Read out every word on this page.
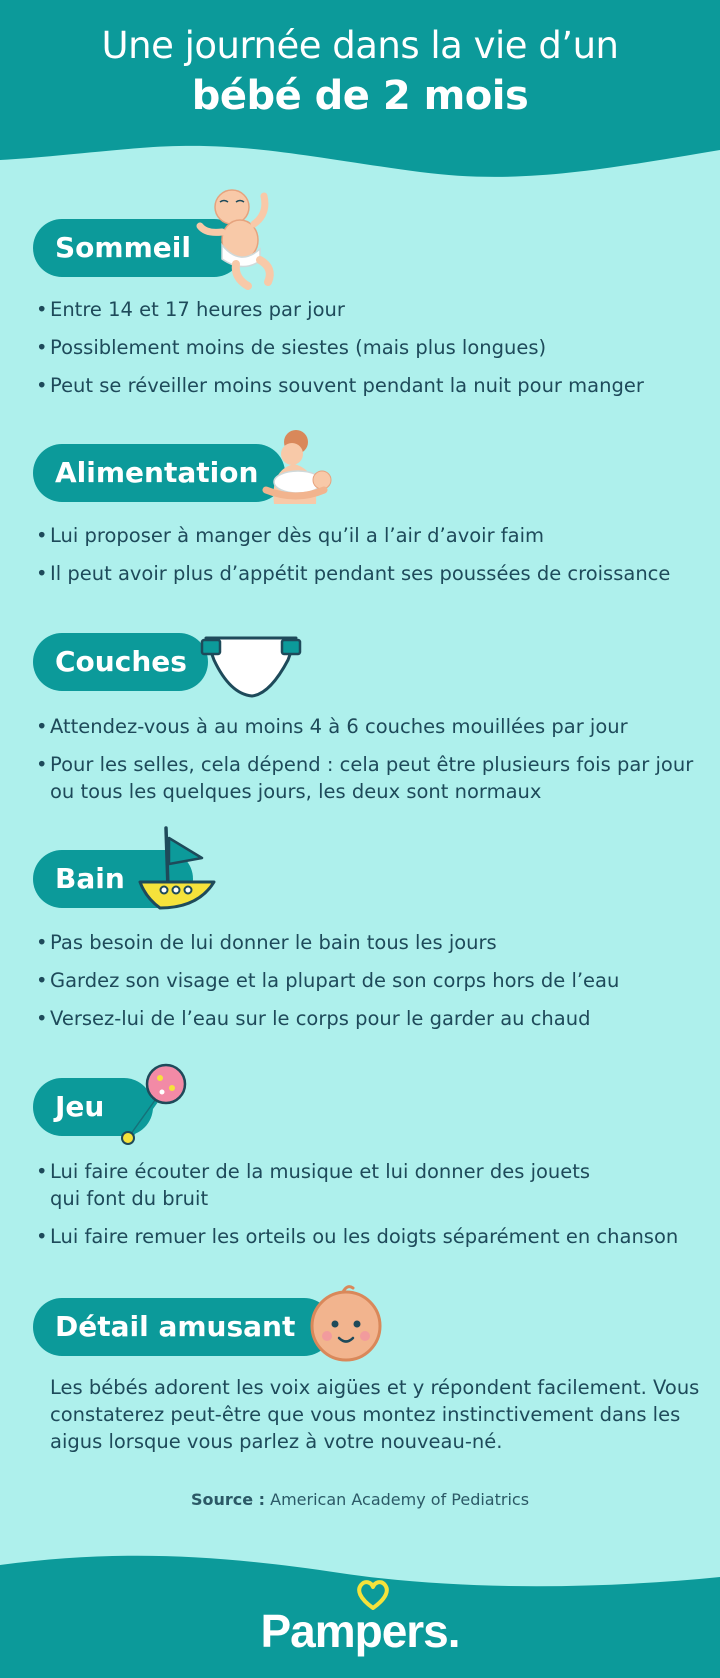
Une journée dans la vie d’un
bébé de 2 mois
Sommeil
• Entre 14 et 17 heures par jour
• Possiblement moins de siestes (mais plus longues)
• Peut se réveiller moins souvent pendant la nuit pour manger
Alimentation
• Lui proposer à manger dès qu’il a l’air d’avoir faim
• Il peut avoir plus d’appétit pendant ses poussées de croissance
Couches
• Attendez-vous à au moins 4 à 6 couches mouillées par jour
• Pour les selles, cela dépend : cela peut être plusieurs fois par jour ou tous les quelques jours, les deux sont normaux
Bain
• Pas besoin de lui donner le bain tous les jours
• Gardez son visage et la plupart de son corps hors de l’eau
• Versez-lui de l’eau sur le corps pour le garder au chaud
Jeu
• Lui faire écouter de la musique et lui donner des jouets qui font du bruit
• Lui faire remuer les orteils ou les doigts séparément en chanson
Détail amusant
Les bébés adorent les voix aigües et y répondent facilement. Vous constaterez peut-être que vous montez instinctivement dans les aigus lorsque vous parlez à votre nouveau-né.
Source : American Academy of Pediatrics
Pampers.
